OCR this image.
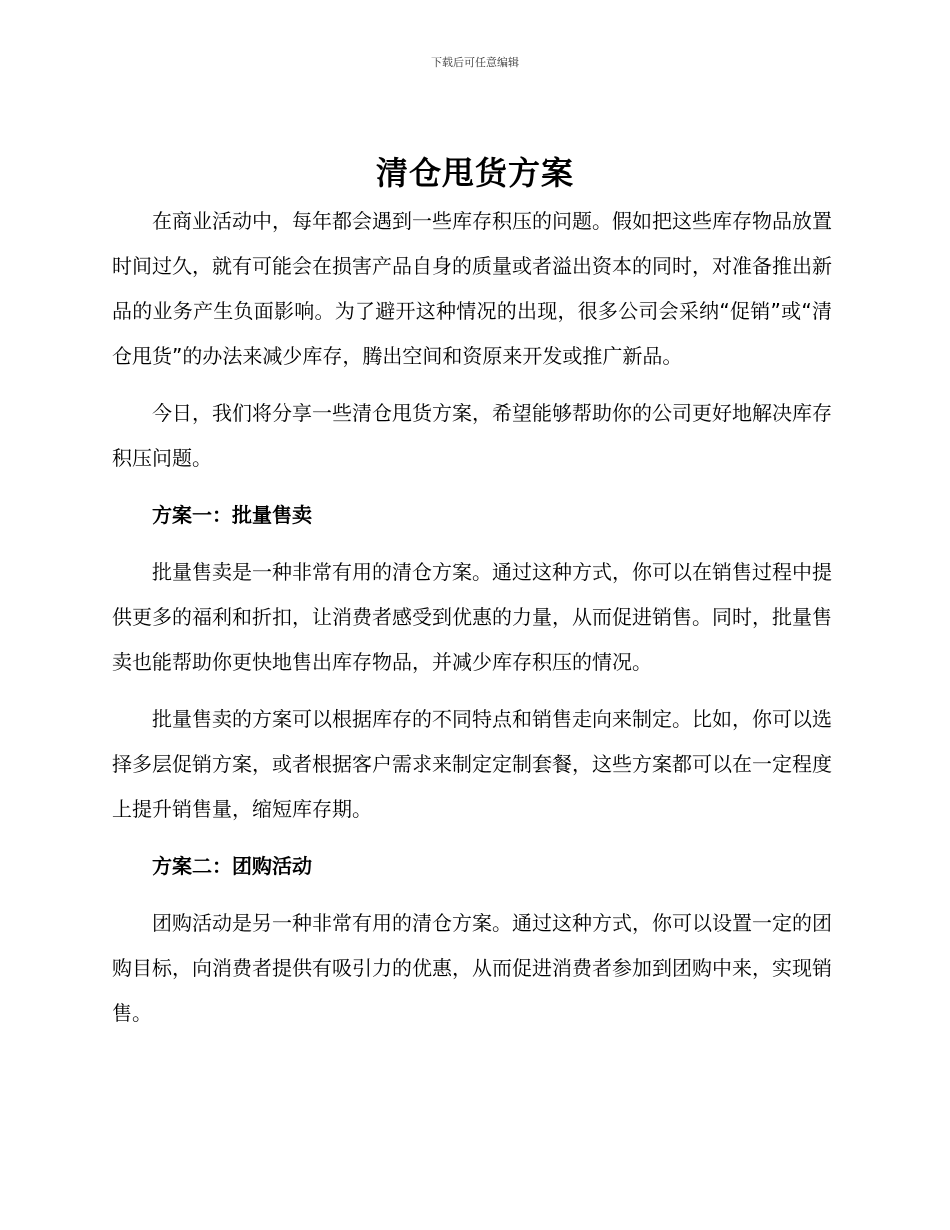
下载后可任意编辑
清仓甩货方案

在商业活动中，每年都会遇到一些库存积压的问题。假如把这些库存物品放置时间过久，就有可能会在损害产品自身的质量或者溢出资本的同时，对准备推出新品的业务产生负面影响。为了避开这种情况的出现，很多公司会采纳“促销”或“清仓甩货”的办法来减少库存，腾出空间和资原来开发或推广新品。

今日，我们将分享一些清仓甩货方案，希望能够帮助你的公司更好地解决库存积压问题。

方案一：批量售卖

批量售卖是一种非常有用的清仓方案。通过这种方式，你可以在销售过程中提供更多的福利和折扣，让消费者感受到优惠的力量，从而促进销售。同时，批量售卖也能帮助你更快地售出库存物品，并减少库存积压的情况。

批量售卖的方案可以根据库存的不同特点和销售走向来制定。比如，你可以选择多层促销方案，或者根据客户需求来制定定制套餐，这些方案都可以在一定程度上提升销售量，缩短库存期。

方案二：团购活动

团购活动是另一种非常有用的清仓方案。通过这种方式，你可以设置一定的团购目标，向消费者提供有吸引力的优惠，从而促进消费者参加到团购中来，实现销售。
